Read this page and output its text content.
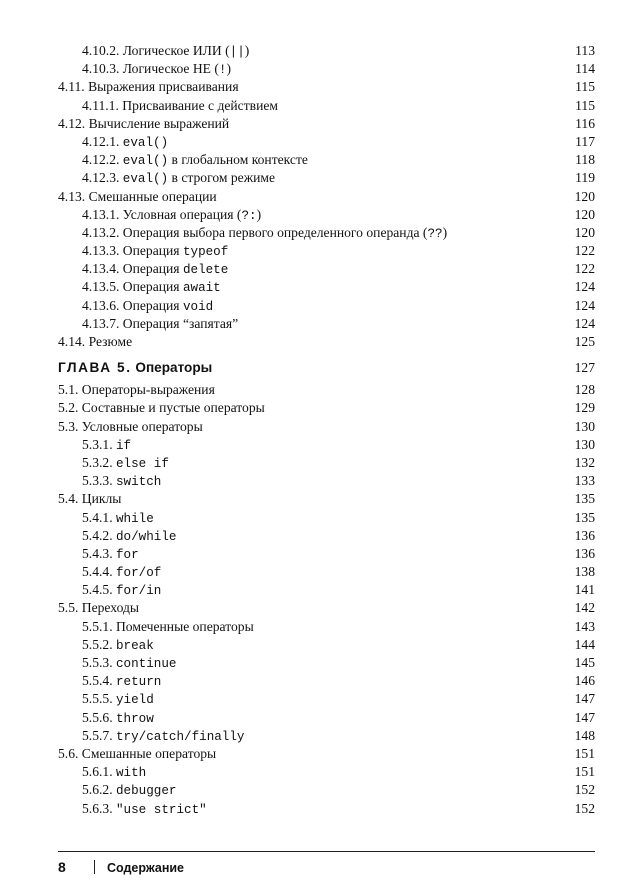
4.10.2. Логическое ИЛИ (||)	113
4.10.3. Логическое НЕ (!)	114
4.11. Выражения присваивания	115
4.11.1. Присваивание с действием	115
4.12. Вычисление выражений	116
4.12.1. eval()	117
4.12.2. eval() в глобальном контексте	118
4.12.3. eval() в строгом режиме	119
4.13. Смешанные операции	120
4.13.1. Условная операция (?:)	120
4.13.2. Операция выбора первого определенного операнда (??)	120
4.13.3. Операция typeof	122
4.13.4. Операция delete	122
4.13.5. Операция await	124
4.13.6. Операция void	124
4.13.7. Операция “запятая”	124
4.14. Резюме	125
ГЛАВА 5. Операторы	127
5.1. Операторы-выражения	128
5.2. Составные и пустые операторы	129
5.3. Условные операторы	130
5.3.1. if	130
5.3.2. else if	132
5.3.3. switch	133
5.4. Циклы	135
5.4.1. while	135
5.4.2. do/while	136
5.4.3. for	136
5.4.4. for/of	138
5.4.5. for/in	141
5.5. Переходы	142
5.5.1. Помеченные операторы	143
5.5.2. break	144
5.5.3. continue	145
5.5.4. return	146
5.5.5. yield	147
5.5.6. throw	147
5.5.7. try/catch/finally	148
5.6. Смешанные операторы	151
5.6.1. with	151
5.6.2. debugger	152
5.6.3. "use strict"	152
8	Содержание
